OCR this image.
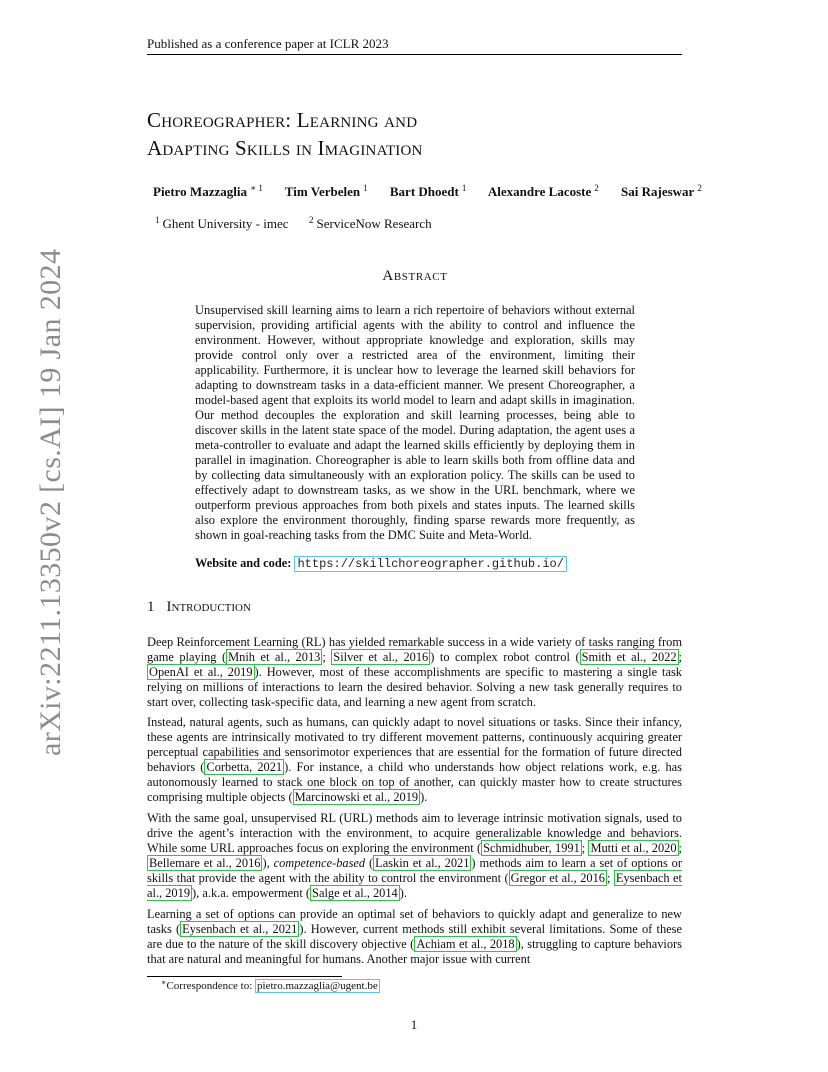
arXiv:2211.13350v2 [cs.AI] 19 Jan 2024
Published as a conference paper at ICLR 2023
Choreographer: Learning and
Adapting Skills in Imagination
Pietro Mazzaglia $^{∗ 1}$ Tim Verbelen $^1$ Bart Dhoedt $^1$ Alexandre Lacoste $^2$ Sai Rajeswar $^2$
$^1$ Ghent University - imec $^2$ ServiceNow Research
Abstract
Unsupervised skill learning aims to learn a rich repertoire of behaviors without external supervision, providing artificial agents with the ability to control and influence the environment. However, without appropriate knowledge and exploration, skills may provide control only over a restricted area of the environment, limiting their applicability. Furthermore, it is unclear how to leverage the learned skill behaviors for adapting to downstream tasks in a data-efficient manner. We present Choreographer, a model-based agent that exploits its world model to learn and adapt skills in imagination. Our method decouples the exploration and skill learning processes, being able to discover skills in the latent state space of the model. During adaptation, the agent uses a meta-controller to evaluate and adapt the learned skills efficiently by deploying them in parallel in imagination. Choreographer is able to learn skills both from offline data and by collecting data simultaneously with an exploration policy. The skills can be used to effectively adapt to downstream tasks, as we show in the URL benchmark, where we outperform previous approaches from both pixels and states inputs. The learned skills also explore the environment thoroughly, finding sparse rewards more frequently, as shown in goal-reaching tasks from the DMC Suite and Meta-World.
Website and code: https://skillchoreographer.github.io/
1 Introduction
Deep Reinforcement Learning (RL) has yielded remarkable success in a wide variety of tasks ranging from game playing ( Mnih et al., 2013 ; Silver et al., 2016 ) to complex robot control ( Smith et al., 2022 ; OpenAI et al., 2019 ). However, most of these accomplishments are specific to mastering a single task relying on millions of interactions to learn the desired behavior. Solving a new task generally requires to start over, collecting task-specific data, and learning a new agent from scratch.
Instead, natural agents, such as humans, can quickly adapt to novel situations or tasks. Since their infancy, these agents are intrinsically motivated to try different movement patterns, continuously acquiring greater perceptual capabilities and sensorimotor experiences that are essential for the formation of future directed behaviors ( Corbetta, 2021 ). For instance, a child who understands how object relations work, e.g. has autonomously learned to stack one block on top of another, can quickly master how to create structures comprising multiple objects ( Marcinowski et al., 2019 ).
With the same goal, unsupervised RL (URL) methods aim to leverage intrinsic motivation signals, used to drive the agent’s interaction with the environment, to acquire generalizable knowledge and behaviors. While some URL approaches focus on exploring the environment ( Schmidhuber, 1991 ; Mutti et al., 2020 ; Bellemare et al., 2016 ), competence-based ( Laskin et al., 2021 ) methods aim to learn a set of options or skills that provide the agent with the ability to control the environment ( Gregor et al., 2016 ; Eysenbach et al., 2019 ), a.k.a. empowerment ( Salge et al., 2014 ).
Learning a set of options can provide an optimal set of behaviors to quickly adapt and generalize to new tasks ( Eysenbach et al., 2021 ). However, current methods still exhibit several limitations. Some of these are due to the nature of the skill discovery objective ( Achiam et al., 2018 ), struggling to capture behaviors that are natural and meaningful for humans. Another major issue with current
∗Correspondence to: pietro.mazzaglia@ugent.be
1
